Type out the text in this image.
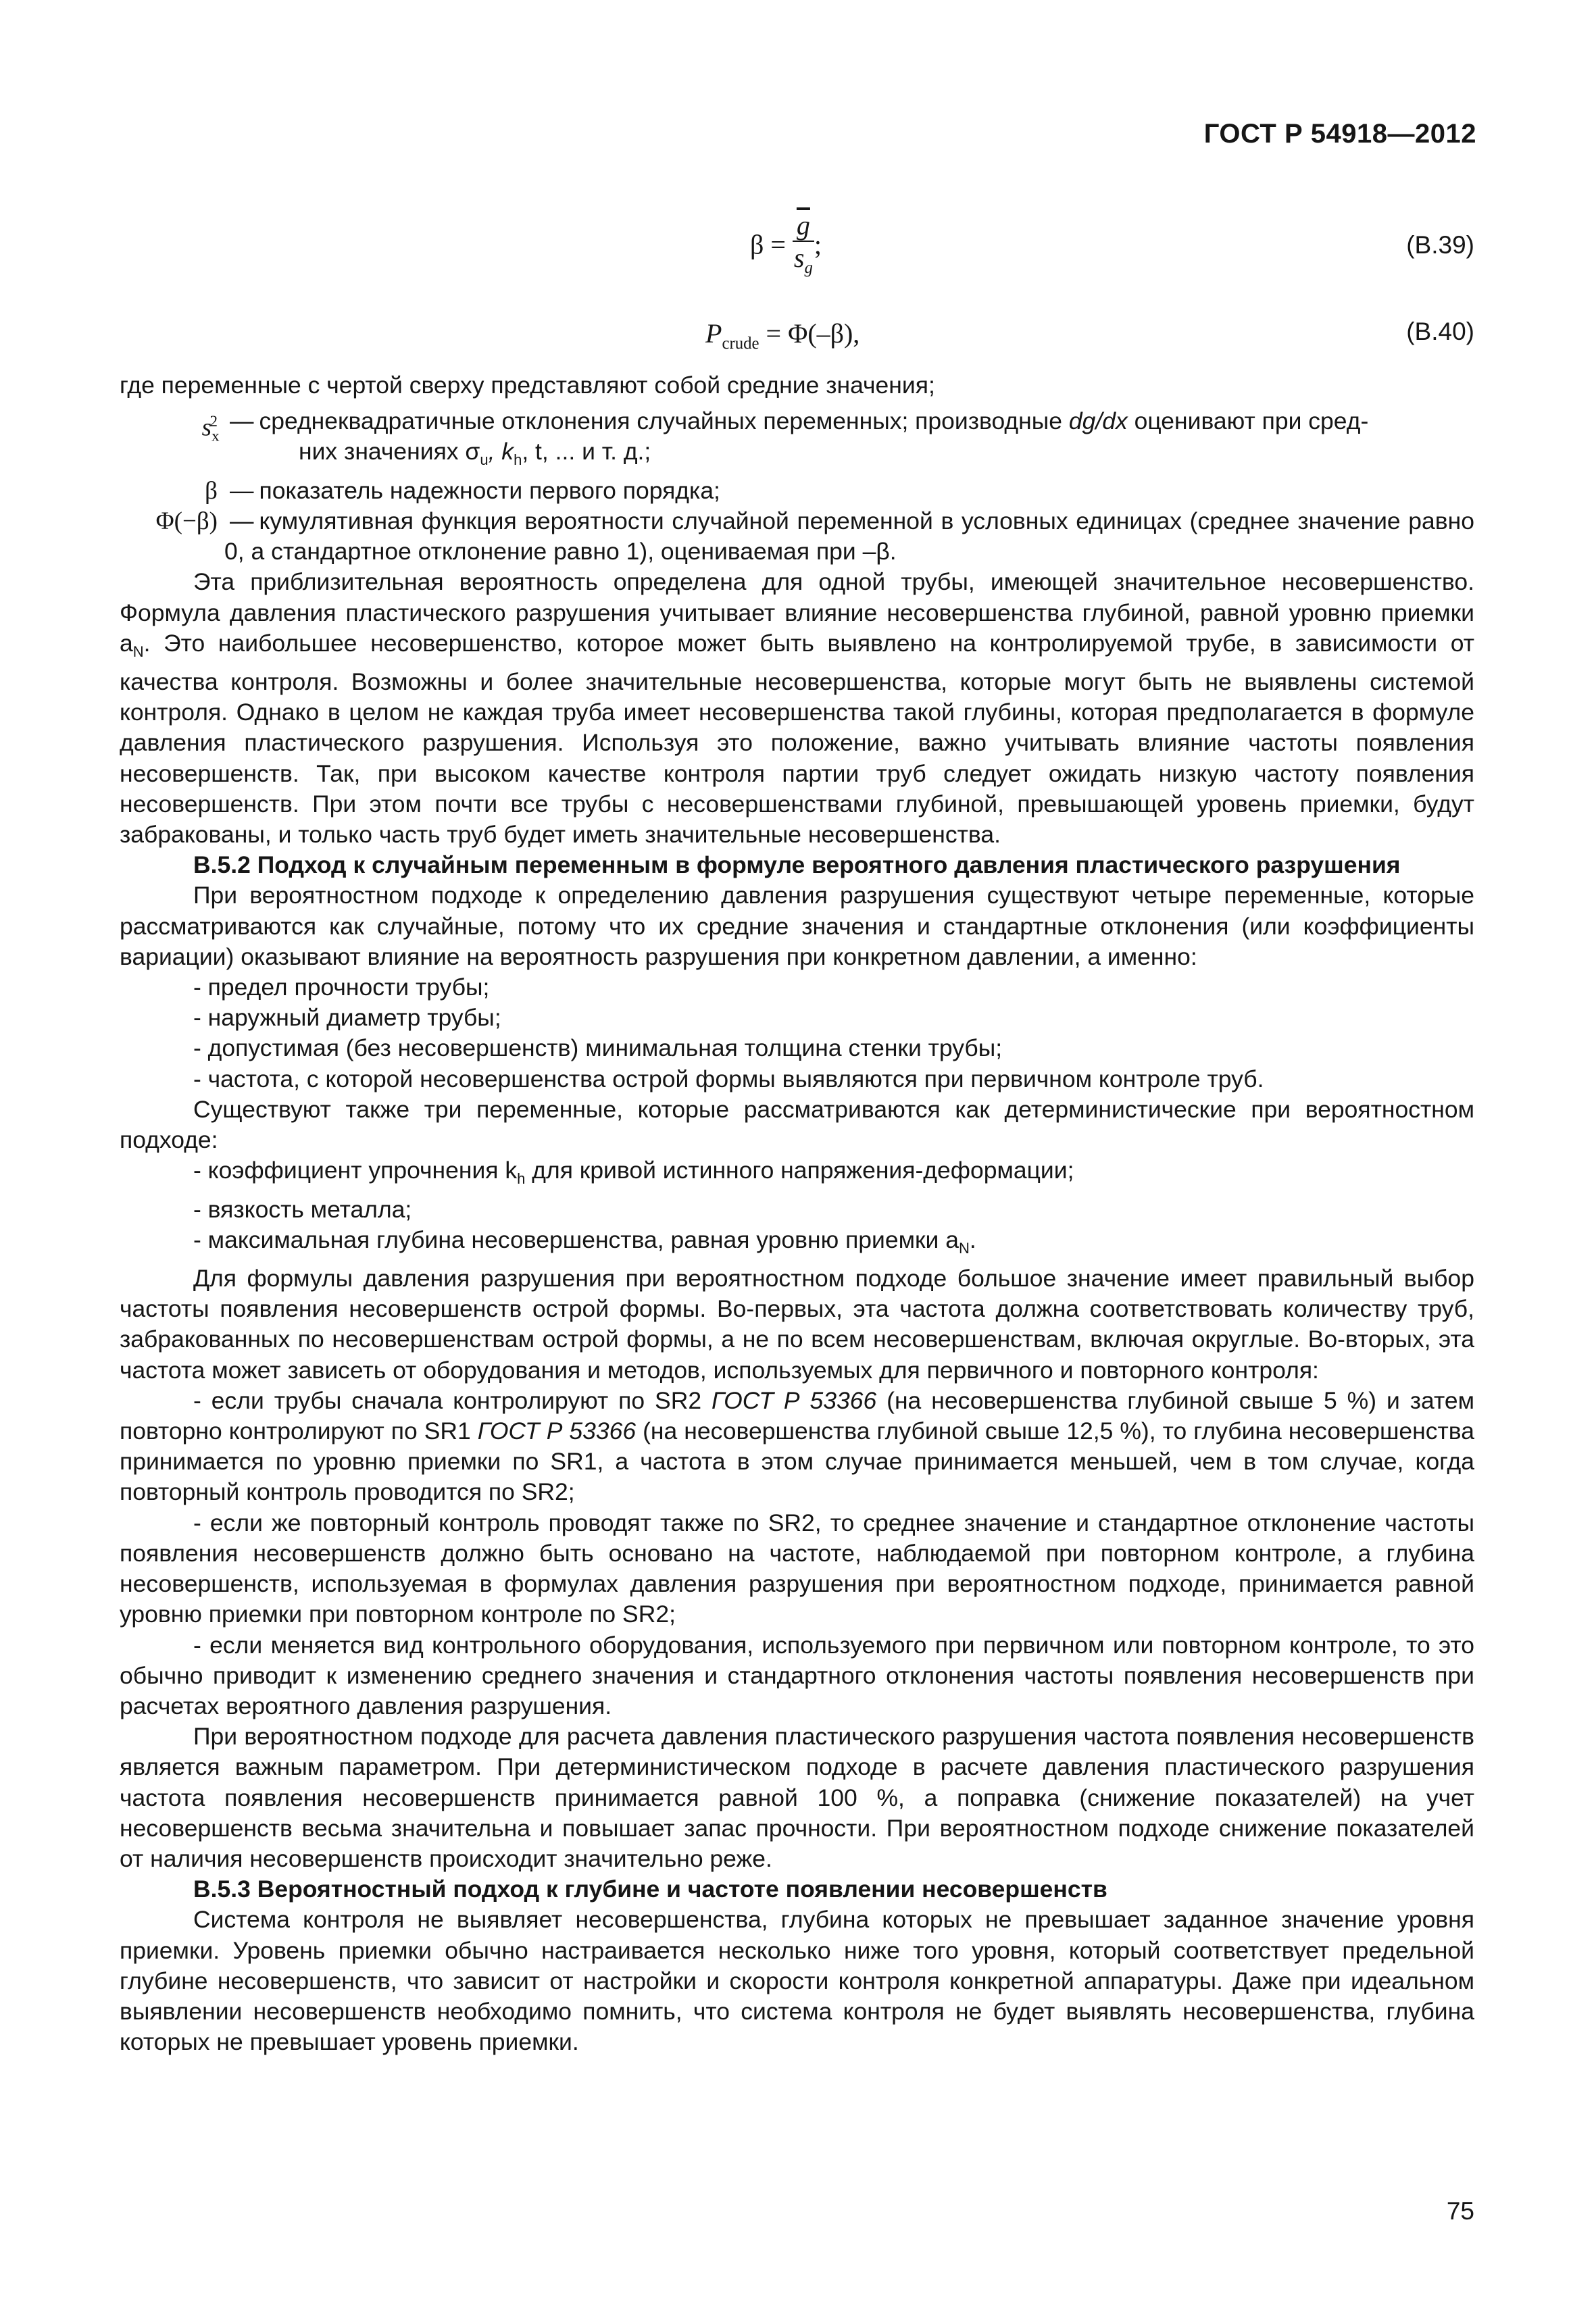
ГОСТ Р 54918—2012
$\beta = \frac{\overline{g}}{s_g}$ ;	(В.39)
$P_{crude} = \Phi(-\beta)$,	(В.40)

где переменные с чертой сверху представляют собой средние значения;

$s_x^2$ — среднеквадратичные отклонения случайных переменных; производные dg/dx оценивают при сред-
них значениях $\sigma_u$, $k_h$, t, ... и т. д.;
β — показатель надежности первого порядка;
Φ(−β) — кумулятивная функция вероятности случайной переменной в условных единицах (среднее значение равно 0, а стандартное отклонение равно 1), оцениваемая при –β.

Эта приблизительная вероятность определена для одной трубы, имеющей значительное несовершенство. Формула давления пластического разрушения учитывает влияние несовершенства глубиной, равной уровню приемки $a_N$. Это наибольшее несовершенство, которое может быть выявлено на контролируемой трубе, в зависимости от качества контроля. Возможны и более значительные несовершенства, которые могут быть не выявлены системой контроля. Однако в целом не каждая труба имеет несовершенства такой глубины, которая предполагается в формуле давления пластического разрушения. Используя это положение, важно учитывать влияние частоты появления несовершенств. Так, при высоком качестве контроля партии труб следует ожидать низкую частоту появления несовершенств. При этом почти все трубы с несовершенствами глубиной, превышающей уровень приемки, будут забракованы, и только часть труб будет иметь значительные несовершенства.

В.5.2 Подход к случайным переменным в формуле вероятного давления пластического разрушения

При вероятностном подходе к определению давления разрушения существуют четыре переменные, которые рассматриваются как случайные, потому что их средние значения и стандартные отклонения (или коэффициенты вариации) оказывают влияние на вероятность разрушения при конкретном давлении, а именно:

- предел прочности трубы;

- наружный диаметр трубы;

- допустимая (без несовершенств) минимальная толщина стенки трубы;

- частота, с которой несовершенства острой формы выявляются при первичном контроле труб.

Существуют также три переменные, которые рассматриваются как детерминистические при вероятностном подходе:

- коэффициент упрочнения $k_h$ для кривой истинного напряжения-деформации;

- вязкость металла;

- максимальная глубина несовершенства, равная уровню приемки $a_N$.

Для формулы давления разрушения при вероятностном подходе большое значение имеет правильный выбор частоты появления несовершенств острой формы. Во-первых, эта частота должна соответствовать количеству труб, забракованных по несовершенствам острой формы, а не по всем несовершенствам, включая округлые. Во-вторых, эта частота может зависеть от оборудования и методов, используемых для первичного и повторного контроля:

- если трубы сначала контролируют по SR2 ГОСТ Р 53366 (на несовершенства глубиной свыше 5 %) и затем повторно контролируют по SR1 ГОСТ Р 53366 (на несовершенства глубиной свыше 12,5 %), то глубина несовершенства принимается по уровню приемки по SR1, а частота в этом случае принимается меньшей, чем в том случае, когда повторный контроль проводится по SR2;

- если же повторный контроль проводят также по SR2, то среднее значение и стандартное отклонение частоты появления несовершенств должно быть основано на частоте, наблюдаемой при повторном контроле, а глубина несовершенств, используемая в формулах давления разрушения при вероятностном подходе, принимается равной уровню приемки при повторном контроле по SR2;

- если меняется вид контрольного оборудования, используемого при первичном или повторном контроле, то это обычно приводит к изменению среднего значения и стандартного отклонения частоты появления несовершенств при расчетах вероятного давления разрушения.

При вероятностном подходе для расчета давления пластического разрушения частота появления несовершенств является важным параметром. При детерминистическом подходе в расчете давления пластического разрушения частота появления несовершенств принимается равной 100 %, а поправка (снижение показателей) на учет несовершенств весьма значительна и повышает запас прочности. При вероятностном подходе снижение показателей от наличия несовершенств происходит значительно реже.

В.5.3 Вероятностный подход к глубине и частоте появлении несовершенств

Система контроля не выявляет несовершенства, глубина которых не превышает заданное значение уровня приемки. Уровень приемки обычно настраивается несколько ниже того уровня, который соответствует предельной глубине несовершенств, что зависит от настройки и скорости контроля конкретной аппаратуры. Даже при идеальном выявлении несовершенств необходимо помнить, что система контроля не будет выявлять несовершенства, глубина которых не превышает уровень приемки.

75
